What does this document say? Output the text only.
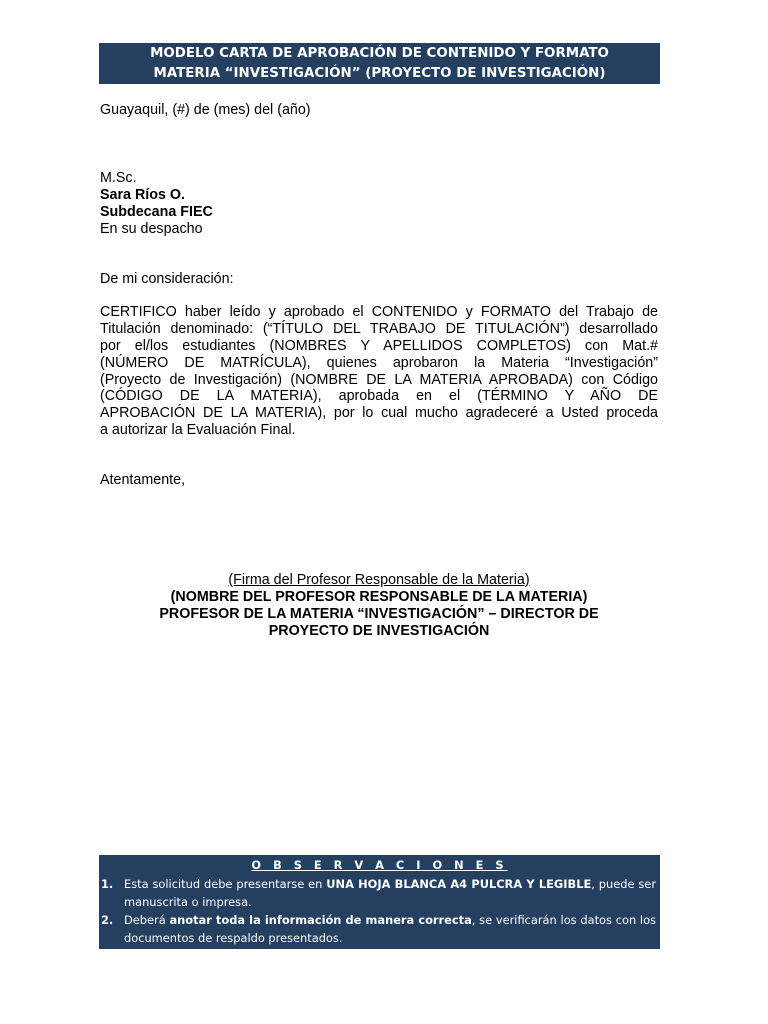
MODELO CARTA DE APROBACIÓN DE CONTENIDO Y FORMATO
MATERIA “INVESTIGACIÓN” (PROYECTO DE INVESTIGACIÓN)
Guayaquil, (#) de (mes) del (año)
M.Sc.
Sara Ríos O.
Subdecana FIEC
En su despacho
De mi consideración:
CERTIFICO haber leído y aprobado el CONTENIDO y FORMATO del Trabajo de
Titulación denominado: (“TÍTULO DEL TRABAJO DE TITULACIÓN”) desarrollado
por el/los estudiantes (NOMBRES Y APELLIDOS COMPLETOS) con Mat.#
(NÚMERO DE MATRÍCULA), quienes aprobaron la Materia “Investigación”
(Proyecto de Investigación) (NOMBRE DE LA MATERIA APROBADA) con Código
(CÓDIGO DE LA MATERIA), aprobada en el (TÉRMINO Y AÑO DE
APROBACIÓN DE LA MATERIA), por lo cual mucho agradeceré a Usted proceda
a autorizar la Evaluación Final.
Atentamente,
(Firma del Profesor Responsable de la Materia)
(NOMBRE DEL PROFESOR RESPONSABLE DE LA MATERIA)
PROFESOR DE LA MATERIA “INVESTIGACIÓN” – DIRECTOR DE
PROYECTO DE INVESTIGACIÓN
O B S E R V A C I O N E S
1. Esta solicitud debe presentarse en UNA HOJA BLANCA A4 PULCRA Y LEGIBLE, puede ser manuscrita o impresa.
2. Deberá anotar toda la información de manera correcta, se verificarán los datos con los documentos de respaldo presentados.
